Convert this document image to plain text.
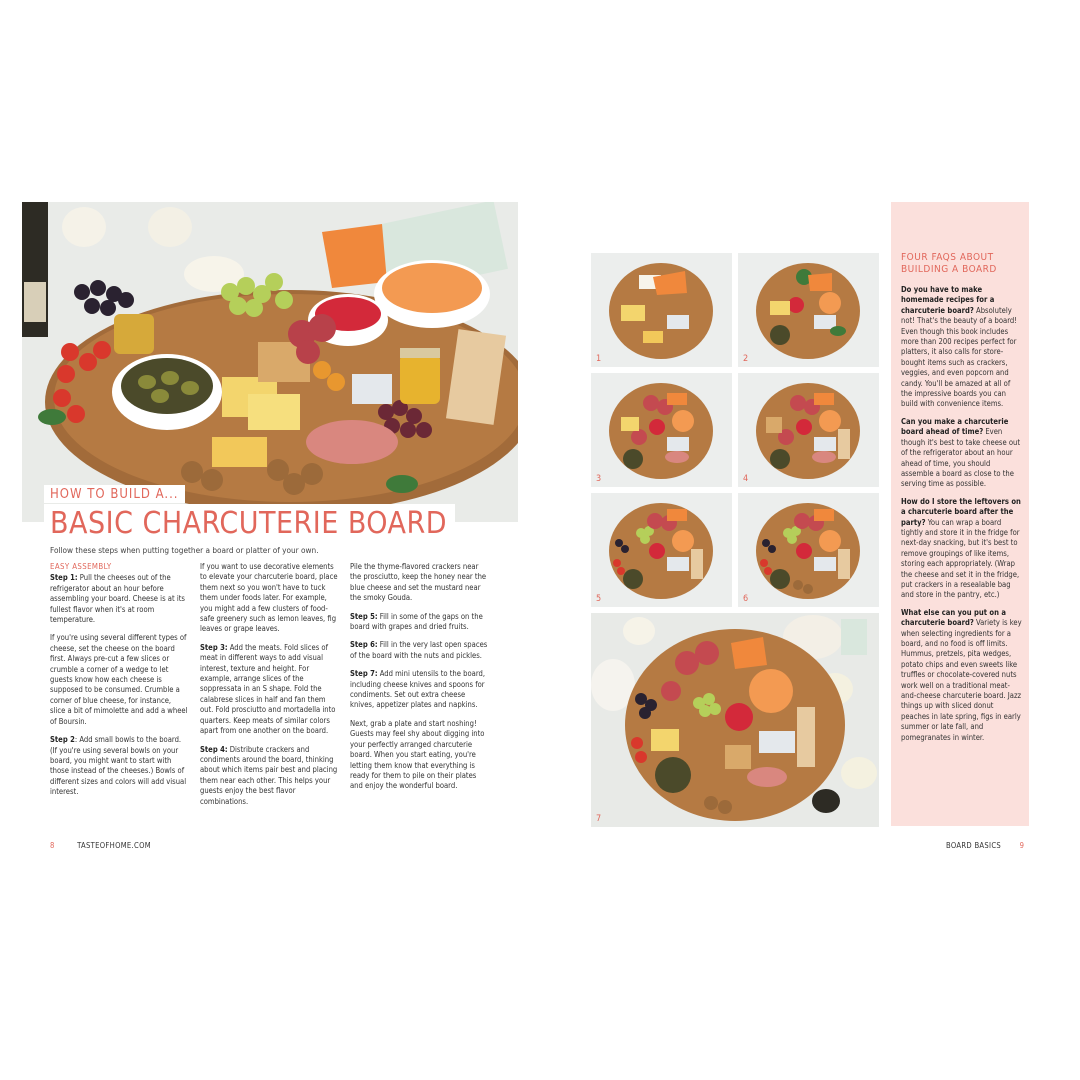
HOW TO BUILD A...
BASIC CHARCUTERIE BOARD
Follow these steps when putting together a board or platter of your own.
EASY ASSEMBLY

Step 1: Pull the cheeses out of the refrigerator about an hour before assembling your board. Cheese is at its fullest flavor when it's at room temperature.

If you're using several different types of cheese, set the cheese on the board first. Always pre-cut a few slices or crumble a corner of a wedge to let guests know how each cheese is supposed to be consumed. Crumble a corner of blue cheese, for instance, slice a bit of mimolette and add a wheel of Boursin.

Step 2: Add small bowls to the board. (If you're using several bowls on your board, you might want to start with those instead of the cheeses.) Bowls of different sizes and colors will add visual interest.

If you want to use decorative elements to elevate your charcuterie board, place them next so you won't have to tuck them under foods later. For example, you might add a few clusters of food-safe greenery such as lemon leaves, fig leaves or grape leaves.

Step 3: Add the meats. Fold slices of meat in different ways to add visual interest, texture and height. For example, arrange slices of the soppressata in an S shape. Fold the calabrese slices in half and fan them out. Fold prosciutto and mortadella into quarters. Keep meats of similar colors apart from one another on the board.

Step 4: Distribute crackers and condiments around the board, thinking about which items pair best and placing them near each other. This helps your guests enjoy the best flavor combinations.

Pile the thyme-flavored crackers near the prosciutto, keep the honey near the blue cheese and set the mustard near the smoky Gouda.

Step 5: Fill in some of the gaps on the board with grapes and dried fruits.

Step 6: Fill in the very last open spaces of the board with the nuts and pickles.

Step 7: Add mini utensils to the board, including cheese knives and spoons for condiments. Set out extra cheese knives, appetizer plates and napkins.

Next, grab a plate and start noshing! Guests may feel shy about digging into your perfectly arranged charcuterie board. When you start eating, you're letting them know that everything is ready for them to pile on their plates and enjoy the wonderful board.

8	TASTEOFHOME.COM
1	2
3	4
5	6
7
FOUR FAQS ABOUT
BUILDING A BOARD

Do you have to make homemade recipes for a charcuterie board? Absolutely not! That's the beauty of a board! Even though this book includes more than 200 recipes perfect for platters, it also calls for store-bought items such as crackers, veggies, and even popcorn and candy. You'll be amazed at all of the impressive boards you can build with convenience items.

Can you make a charcuterie board ahead of time? Even though it's best to take cheese out of the refrigerator about an hour ahead of time, you should assemble a board as close to the serving time as possible.

How do I store the leftovers on a charcuterie board after the party? You can wrap a board tightly and store it in the fridge for next-day snacking, but it's best to remove groupings of like items, storing each appropriately. (Wrap the cheese and set it in the fridge, put crackers in a resealable bag and store in the pantry, etc.)

What else can you put on a charcuterie board? Variety is key when selecting ingredients for a board, and no food is off limits. Hummus, pretzels, pita wedges, potato chips and even sweets like truffles or chocolate-covered nuts work well on a traditional meat-and-cheese charcuterie board. Jazz things up with sliced donut peaches in late spring, figs in early summer or late fall, and pomegranates in winter.

BOARD BASICS 9
